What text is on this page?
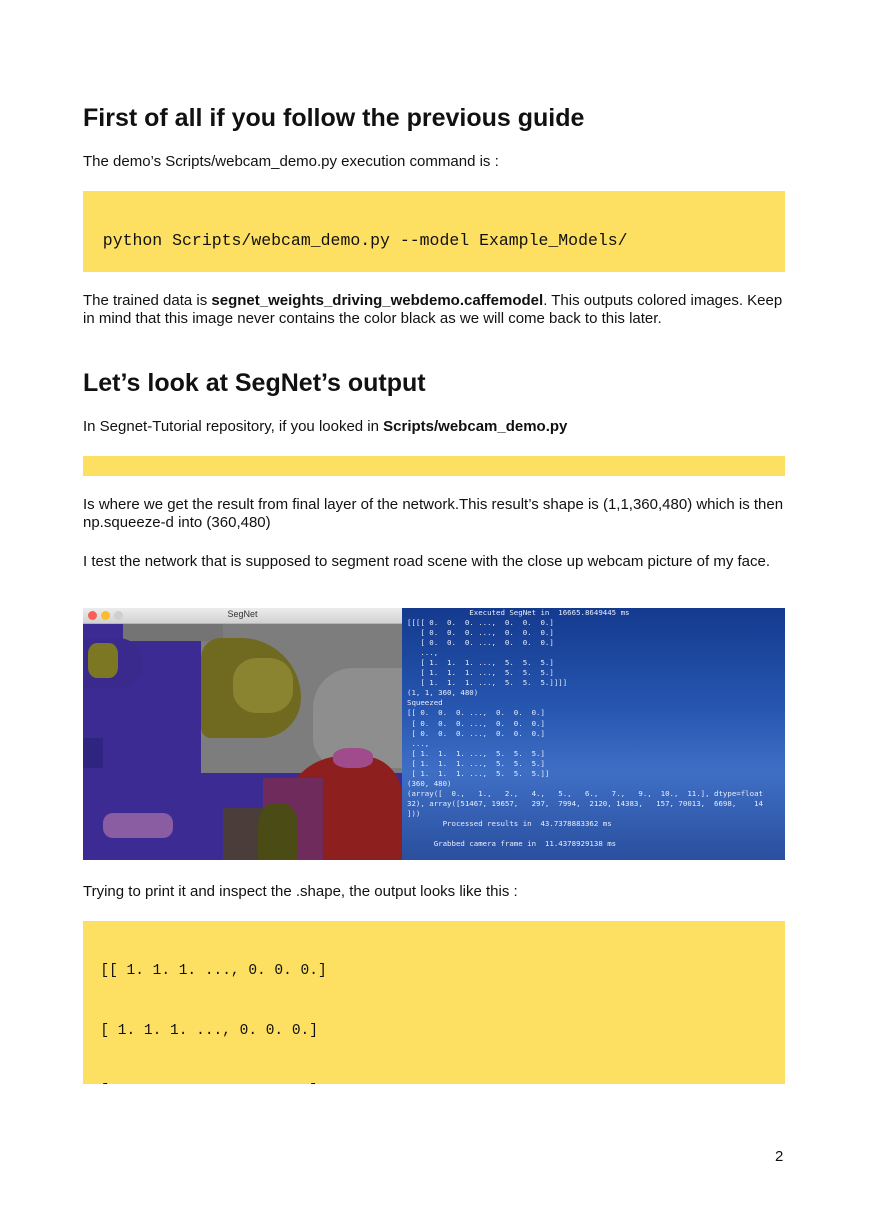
First of all if you follow the previous guide

The demo’s Scripts/webcam_demo.py execution command is :

python Scripts/webcam_demo.py --model Example_Models/

The trained data is segnet_weights_driving_webdemo.caffemodel. This outputs colored images. Keep in mind that this image never contains the color black as we will come back to this later.

Let’s look at SegNet’s output

In Segnet-Tutorial repository, if you looked in Scripts/webcam_demo.py

Is where we get the result from final layer of the network.This result’s shape is (1,1,360,480) which is then np.squeeze-d into (360,480)

I test the network that is supposed to segment road scene with the close up webcam picture of my face.

SegNet	Executed SegNet in  16665.8649445 ms
[[[[ 0.  0.  0. ...,  0.  0.  0.]
[ 0.  0.  0. ...,  0.  0.  0.]
[ 0.  0.  0. ...,  0.  0.  0.]
...,
[ 1.  1.  1. ...,  5.  5.  5.]
[ 1.  1.  1. ...,  5.  5.  5.]
[ 1.  1.  1. ...,  5.  5.  5.]]]]
(1, 1, 360, 480)
Squeezed
[[ 0.  0.  0. ...,  0.  0.  0.]
[ 0.  0.  0. ...,  0.  0.  0.]
[ 0.  0.  0. ...,  0.  0.  0.]
...,
[ 1.  1.  1. ...,  5.  5.  5.]
[ 1.  1.  1. ...,  5.  5.  5.]
[ 1.  1.  1. ...,  5.  5.  5.]]
(360, 480)
(array([  0.,   1.,   2.,   4.,   5.,   6.,   7.,   9.,  10.,  11.], dtype=float
32), array([51467, 19657,   297,  7994,  2120, 14383,   157, 70013,  6698,    14
]))
Processed results in  43.7378883362 ms

Grabbed camera frame in  11.4378929138 ms

Trying to print it and inspect the .shape, the output looks like this :

[[ 1. 1. 1. ..., 0. 0. 0.]

[ 1. 1. 1. ..., 0. 0. 0.]

2
